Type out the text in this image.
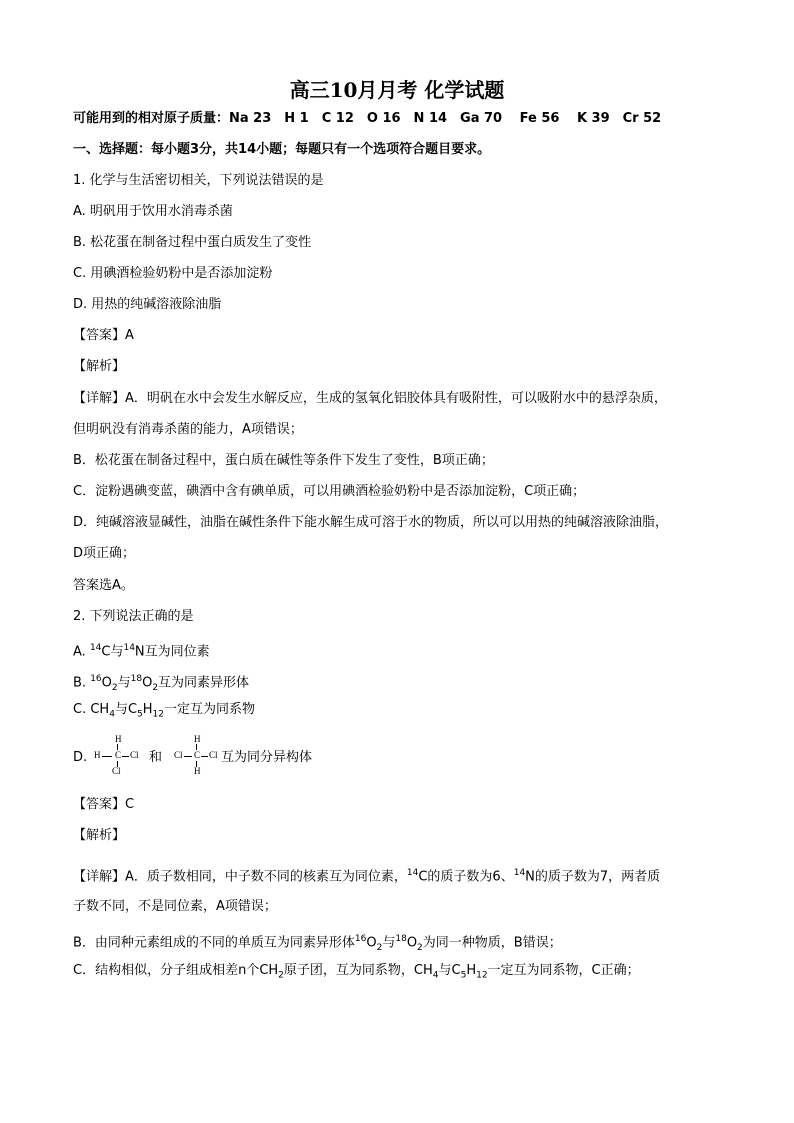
高三10月月考 化学试题
可能用到的相对原子质量：Na 23　H 1　C 12　O 16　N 14　Ga 70　 Fe 56　 K 39　Cr 52
一、选择题：每小题3分，共14小题；每题只有一个选项符合题目要求。
1. 化学与生活密切相关，下列说法错误的是
A. 明矾用于饮用水消毒杀菌
B. 松花蛋在制备过程中蛋白质发生了变性
C. 用碘酒检验奶粉中是否添加淀粉
D. 用热的纯碱溶液除油脂
【答案】A
【解析】
【详解】A．明矾在水中会发生水解反应，生成的氢氧化铝胶体具有吸附性，可以吸附水中的悬浮杂质，
但明矾没有消毒杀菌的能力，A项错误；
B．松花蛋在制备过程中，蛋白质在碱性等条件下发生了变性，B项正确；
C．淀粉遇碘变蓝，碘酒中含有碘单质，可以用碘酒检验奶粉中是否添加淀粉，C项正确；
D．纯碱溶液显碱性，油脂在碱性条件下能水解生成可溶于水的物质，所以可以用热的纯碱溶液除油脂，
D项正确；
答案选A。
2. 下列说法正确的是
A. $^{14}$C与$^{14}$N互为同位素
B. $^{16}O_2$与$^{18}O_2$互为同素异形体
C. $CH_4$与$C_5H_{12}$一定互为同系物
D.
H
H C Cl
Cl
和
H
Cl C Cl
H
互为同分异构体
【答案】C
【解析】
【详解】A．质子数相同，中子数不同的核素互为同位素，$^{14}$C的质子数为6、$^{14}$N的质子数为7，两者质
子数不同，不是同位素，A项错误；
B．由同种元素组成的不同的单质互为同素异形体$^{16}O_2$与$^{18}O_2$为同一种物质，B错误；
C．结构相似，分子组成相差n个$CH_2$原子团，互为同系物，$CH_4$与$C_5H_{12}$一定互为同系物，C正确；
